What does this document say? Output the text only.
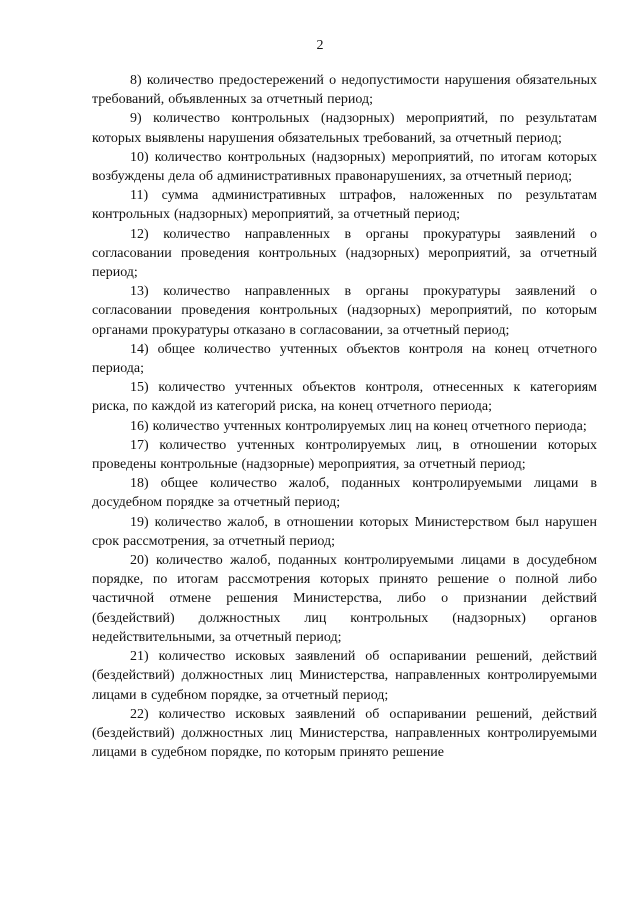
2

8) количество предостережений о недопустимости нарушения обязательных требований, объявленных за отчетный период;

9) количество контрольных (надзорных) мероприятий, по результатам которых выявлены нарушения обязательных требований, за отчетный период;

10) количество контрольных (надзорных) мероприятий, по итогам которых возбуждены дела об административных правонарушениях, за отчетный период;

11) сумма административных штрафов, наложенных по результатам контрольных (надзорных) мероприятий, за отчетный период;

12) количество направленных в органы прокуратуры заявлений о согласовании проведения контрольных (надзорных) мероприятий, за отчетный период;

13) количество направленных в органы прокуратуры заявлений о согласовании проведения контрольных (надзорных) мероприятий, по которым органами прокуратуры отказано в согласовании, за отчетный период;

14) общее количество учтенных объектов контроля на конец отчетного периода;

15) количество учтенных объектов контроля, отнесенных к категориям риска, по каждой из категорий риска, на конец отчетного периода;

16) количество учтенных контролируемых лиц на конец отчетного периода;

17) количество учтенных контролируемых лиц, в отношении которых проведены контрольные (надзорные) мероприятия, за отчетный период;

18) общее количество жалоб, поданных контролируемыми лицами в досудебном порядке за отчетный период;

19) количество жалоб, в отношении которых Министерством был нарушен срок рассмотрения, за отчетный период;

20) количество жалоб, поданных контролируемыми лицами в досудебном порядке, по итогам рассмотрения которых принято решение о полной либо частичной отмене решения Министерства, либо о признании действий (бездействий) должностных лиц контрольных (надзорных) органов недействительными, за отчетный период;

21) количество исковых заявлений об оспаривании решений, действий (бездействий) должностных лиц Министерства, направленных контролируемыми лицами в судебном порядке, за отчетный период;

22) количество исковых заявлений об оспаривании решений, действий (бездействий) должностных лиц Министерства, направленных контролируемыми лицами в судебном порядке, по которым принято решение
